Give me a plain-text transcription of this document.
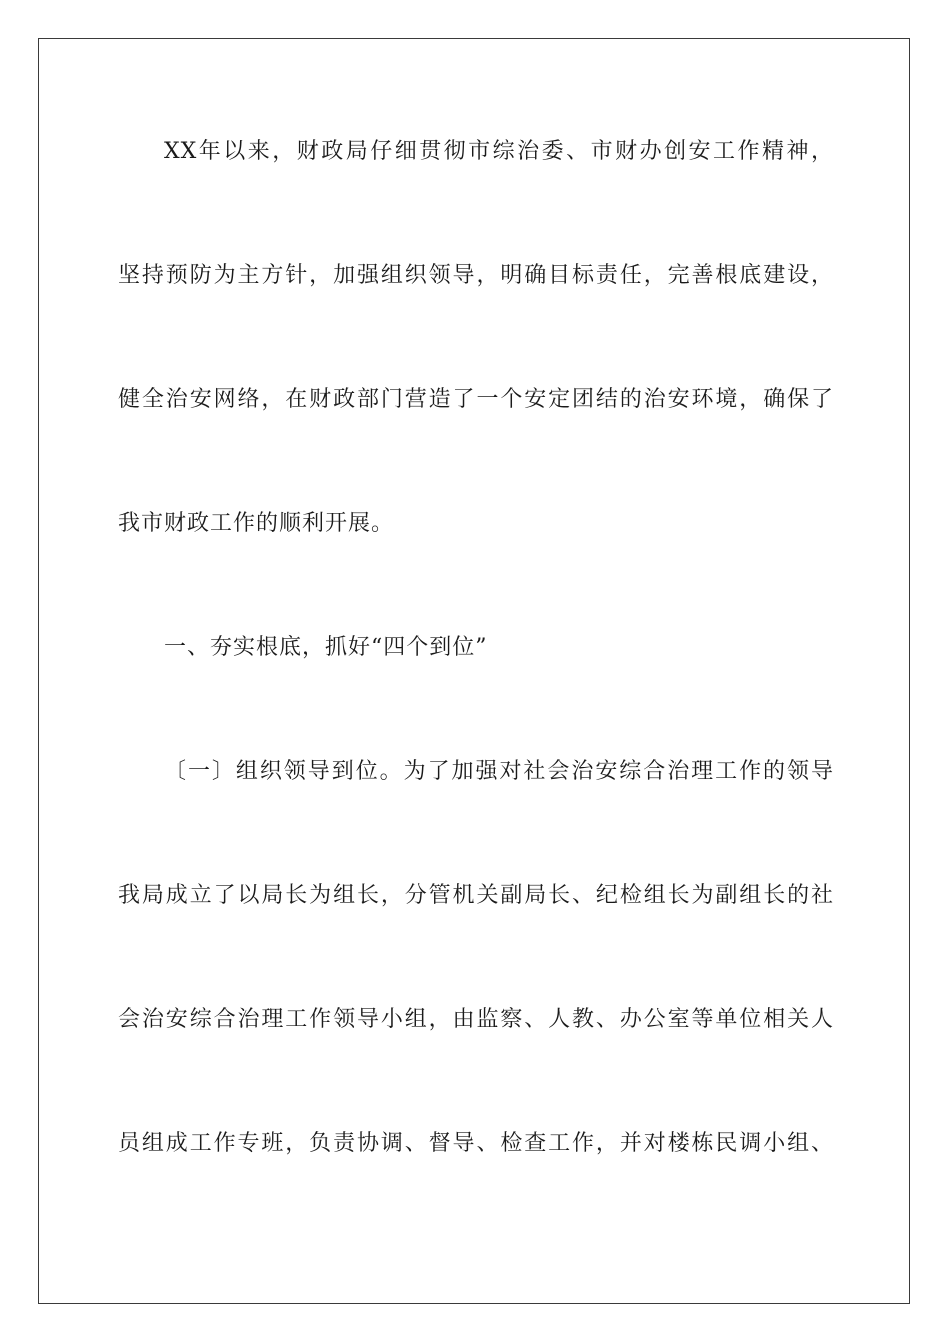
XX年以来，财政局仔细贯彻市综治委、市财办创安工作精神，
坚持预防为主方针，加强组织领导，明确目标责任，完善根底建设，
健全治安网络，在财政部门营造了一个安定团结的治安环境，确保了
我市财政工作的顺利开展。
一、夯实根底，抓好“四个到位”
〔一〕组织领导到位。为了加强对社会治安综合治理工作的领导
我局成立了以局长为组长，分管机关副局长、纪检组长为副组长的社
会治安综合治理工作领导小组，由监察、人教、办公室等单位相关人
员组成工作专班，负责协调、督导、检查工作，并对楼栋民调小组、
